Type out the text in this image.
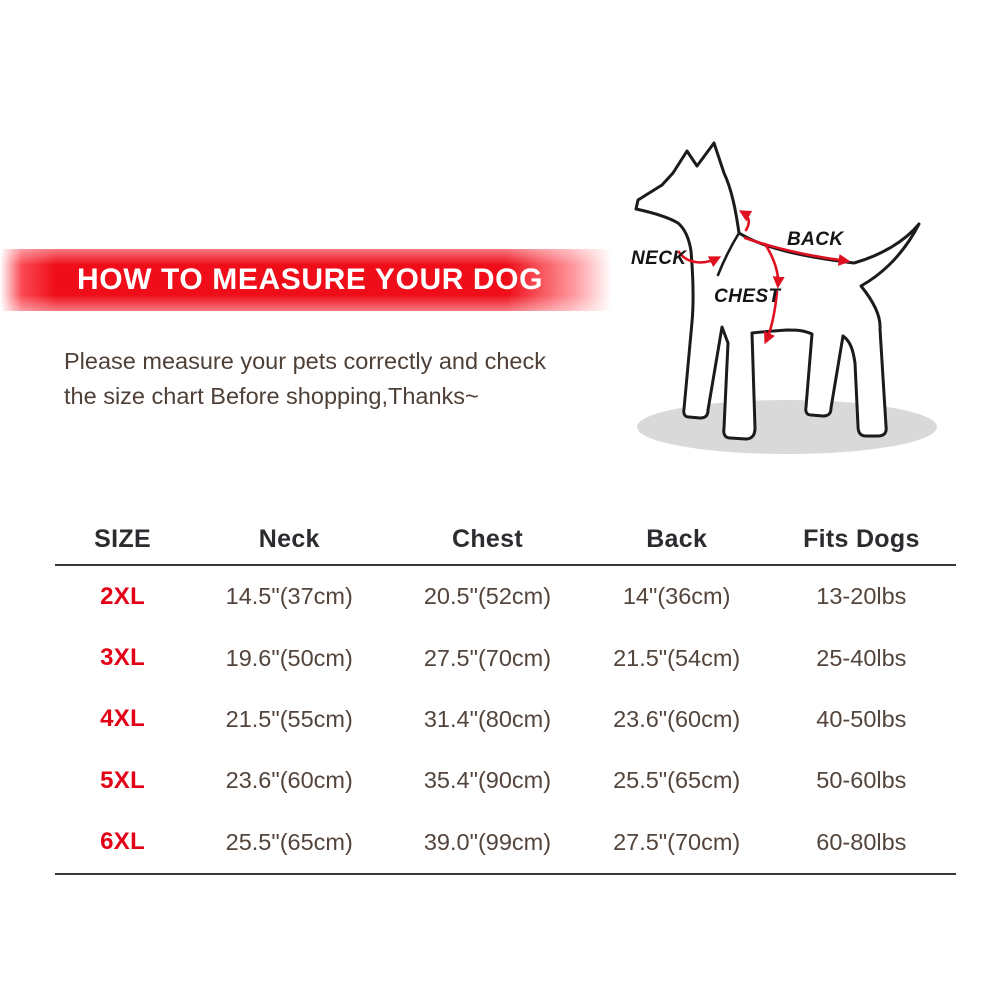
HOW TO MEASURE YOUR DOG
Please measure your pets correctly and check
the size chart Before shopping,Thanks~
NECK
BACK
CHEST
SIZE	Neck	Chest	Back	Fits Dogs
2XL	14.5"(37cm)	20.5"(52cm)	14"(36cm)	13-20lbs
3XL	19.6"(50cm)	27.5"(70cm)	21.5"(54cm)	25-40lbs
4XL	21.5"(55cm)	31.4"(80cm)	23.6"(60cm)	40-50lbs
5XL	23.6"(60cm)	35.4"(90cm)	25.5"(65cm)	50-60lbs
6XL	25.5"(65cm)	39.0"(99cm)	27.5"(70cm)	60-80lbs
